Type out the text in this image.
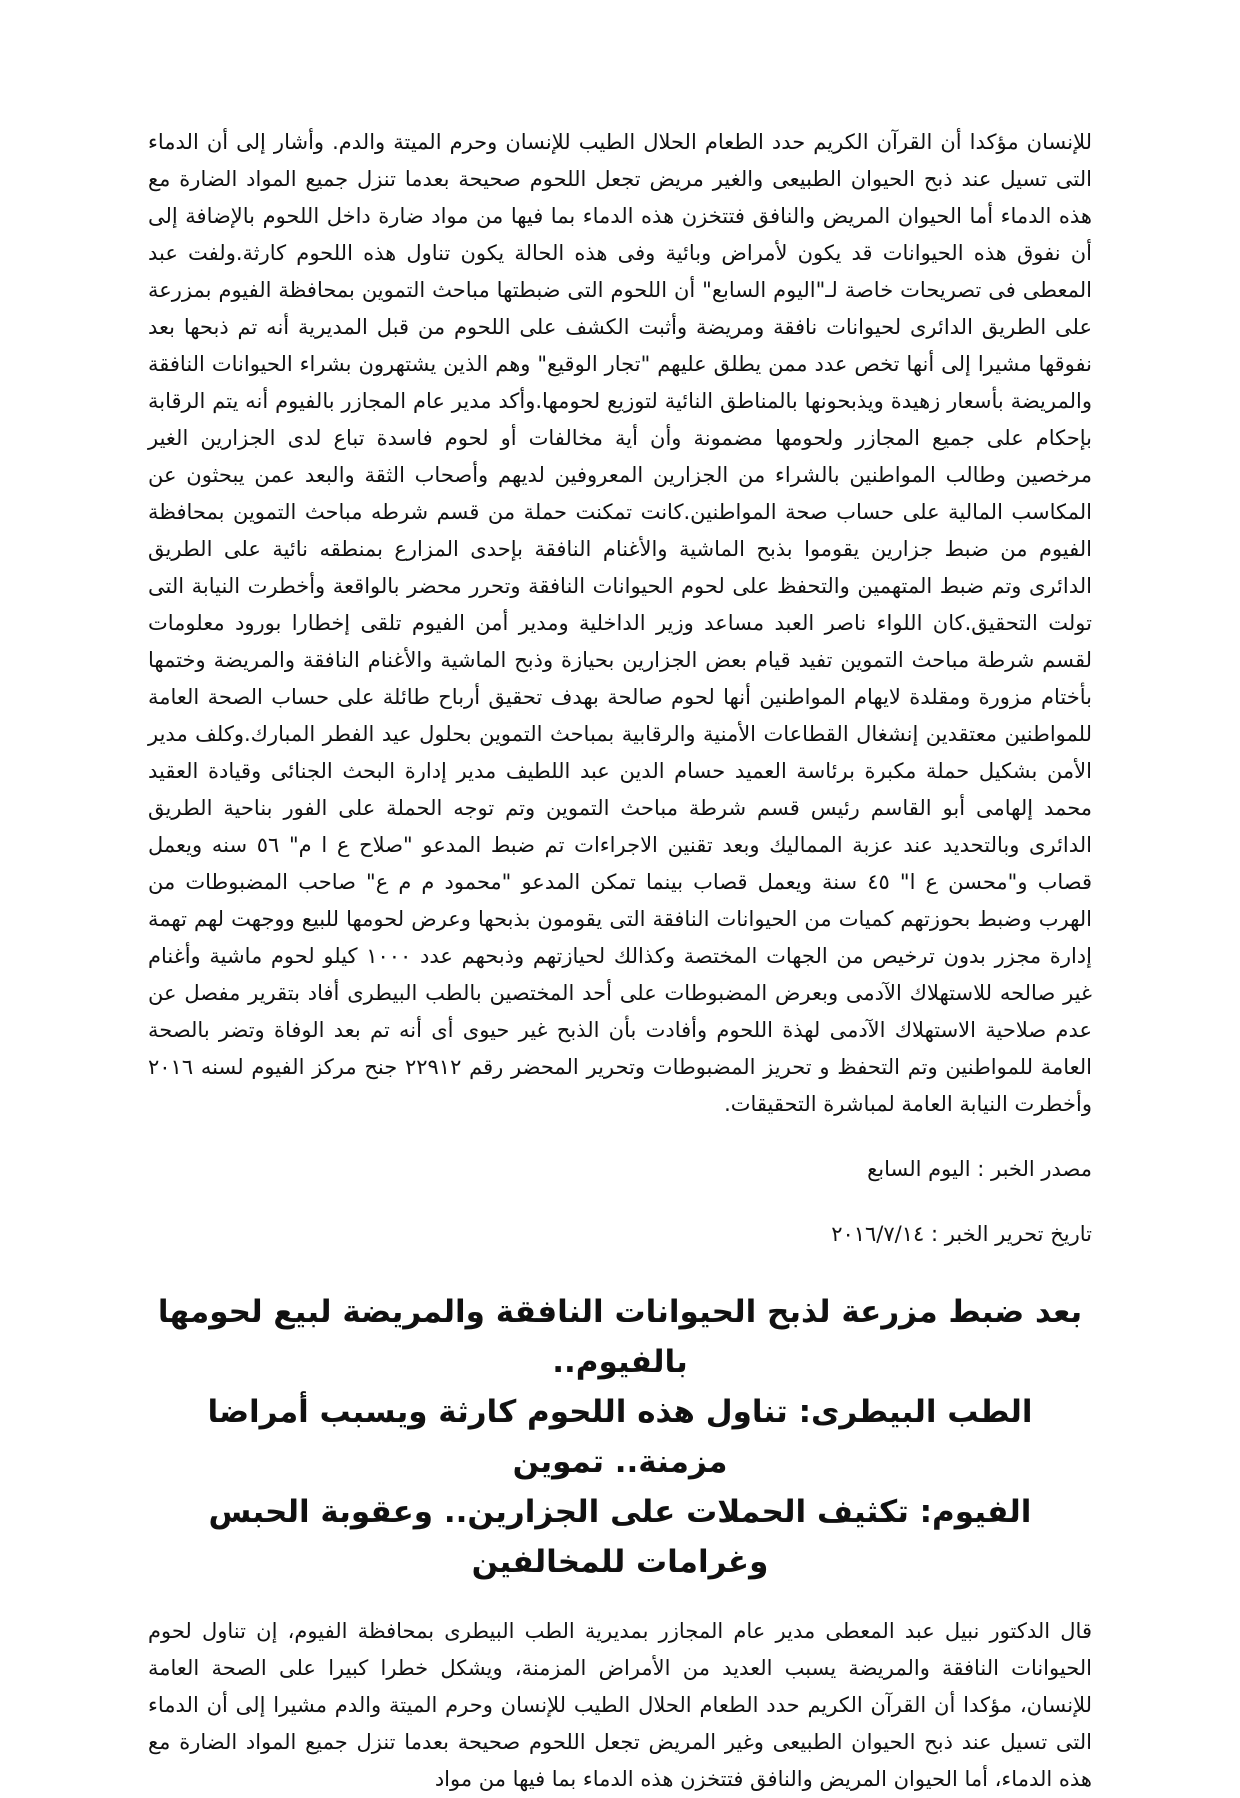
للإنسان مؤكدا أن القرآن الكريم حدد الطعام الحلال الطيب للإنسان وحرم الميتة والدم. وأشار إلى أن الدماء التى تسيل عند ذبح الحيوان الطبيعى والغير مريض تجعل اللحوم صحيحة بعدما تنزل جميع المواد الضارة مع هذه الدماء أما الحيوان المريض والنافق فتتخزن هذه الدماء بما فيها من مواد ضارة داخل اللحوم بالإضافة إلى أن نفوق هذه الحيوانات قد يكون لأمراض وبائية وفى هذه الحالة يكون تناول هذه اللحوم كارثة.ولفت عبد المعطى فى تصريحات خاصة لـ"اليوم السابع" أن اللحوم التى ضبطتها مباحث التموين بمحافظة الفيوم بمزرعة على الطريق الدائرى لحيوانات نافقة ومريضة وأثبت الكشف على اللحوم من قبل المديرية أنه تم ذبحها بعد نفوقها مشيرا إلى أنها تخص عدد ممن يطلق عليهم "تجار الوقيع" وهم الذين يشتهرون بشراء الحيوانات النافقة والمريضة بأسعار زهيدة ويذبحونها بالمناطق النائية لتوزيع لحومها.وأكد مدير عام المجازر بالفيوم أنه يتم الرقابة بإحكام على جميع المجازر ولحومها مضمونة وأن أية مخالفات أو لحوم فاسدة تباع لدى الجزارين الغير مرخصين وطالب المواطنين بالشراء من الجزارين المعروفين لديهم وأصحاب الثقة والبعد عمن يبحثون عن المكاسب المالية على حساب صحة المواطنين.كانت تمكنت حملة من قسم شرطه مباحث التموين بمحافظة الفيوم من ضبط جزارين يقوموا بذبح الماشية والأغنام النافقة بإحدى المزارع بمنطقه نائية على الطريق الدائرى وتم ضبط المتهمين والتحفظ على لحوم الحيوانات النافقة وتحرر محضر بالواقعة وأخطرت النيابة التى تولت التحقيق.كان اللواء ناصر العبد مساعد وزير الداخلية ومدير أمن الفيوم تلقى إخطارا بورود معلومات لقسم شرطة مباحث التموين تفيد قيام بعض الجزارين بحيازة وذبح الماشية والأغنام النافقة والمريضة وختمها بأختام مزورة ومقلدة لايهام المواطنين أنها لحوم صالحة بهدف تحقيق أرباح طائلة على حساب الصحة العامة للمواطنين معتقدين إنشغال القطاعات الأمنية والرقابية بمباحث التموين بحلول عيد الفطر المبارك.وكلف مدير الأمن بشكيل حملة مكبرة برئاسة العميد حسام الدين عبد اللطيف مدير إدارة البحث الجنائى وقيادة العقيد محمد إلهامى أبو القاسم رئيس قسم شرطة مباحث التموين وتم توجه الحملة على الفور بناحية الطريق الدائرى وبالتحديد عند عزبة المماليك وبعد تقنين الاجراءات تم ضبط المدعو "صلاح ع ا م" ٥٦ سنه ويعمل قصاب و"محسن ع ا" ٤٥ سنة ويعمل قصاب بينما تمكن المدعو "محمود م م ع" صاحب المضبوطات من الهرب وضبط بحوزتهم كميات من الحيوانات النافقة التى يقومون بذبحها وعرض لحومها للبيع ووجهت لهم تهمة إدارة مجزر بدون ترخيص من الجهات المختصة وكذالك لحيازتهم وذبحهم عدد ١٠٠٠ كيلو لحوم ماشية وأغنام غير صالحه للاستهلاك الآدمى وبعرض المضبوطات على أحد المختصين بالطب البيطرى أفاد بتقرير مفصل عن عدم صلاحية الاستهلاك الآدمى لهذة اللحوم وأفادت بأن الذبح غير حيوى أى أنه تم بعد الوفاة وتضر بالصحة العامة للمواطنين وتم التحفظ و تحريز المضبوطات وتحرير المحضر رقم ٢٢٩١٢ جنح مركز الفيوم لسنه ٢٠١٦ وأخطرت النيابة العامة لمباشرة التحقيقات.

مصدر الخبر : اليوم السابع

تاريخ تحرير الخبر : ٢٠١٦/٧/١٤

بعد ضبط مزرعة لذبح الحيوانات النافقة والمريضة لبيع لحومها بالفيوم..
الطب البيطرى: تناول هذه اللحوم كارثة ويسبب أمراضا مزمنة.. تموين
الفيوم: تكثيف الحملات على الجزارين.. وعقوبة الحبس وغرامات للمخالفين

قال الدكتور نبيل عبد المعطى مدير عام المجازر بمديرية الطب البيطرى بمحافظة الفيوم، إن تناول لحوم الحيوانات النافقة والمريضة يسبب العديد من الأمراض المزمنة، ويشكل خطرا كبيرا على الصحة العامة للإنسان، مؤكدا أن القرآن الكريم حدد الطعام الحلال الطيب للإنسان وحرم الميتة والدم مشيرا إلى أن الدماء التى تسيل عند ذبح الحيوان الطبيعى وغير المريض تجعل اللحوم صحيحة بعدما تنزل جميع المواد الضارة مع هذه الدماء، أما الحيوان المريض والنافق فتتخزن هذه الدماء بما فيها من مواد
